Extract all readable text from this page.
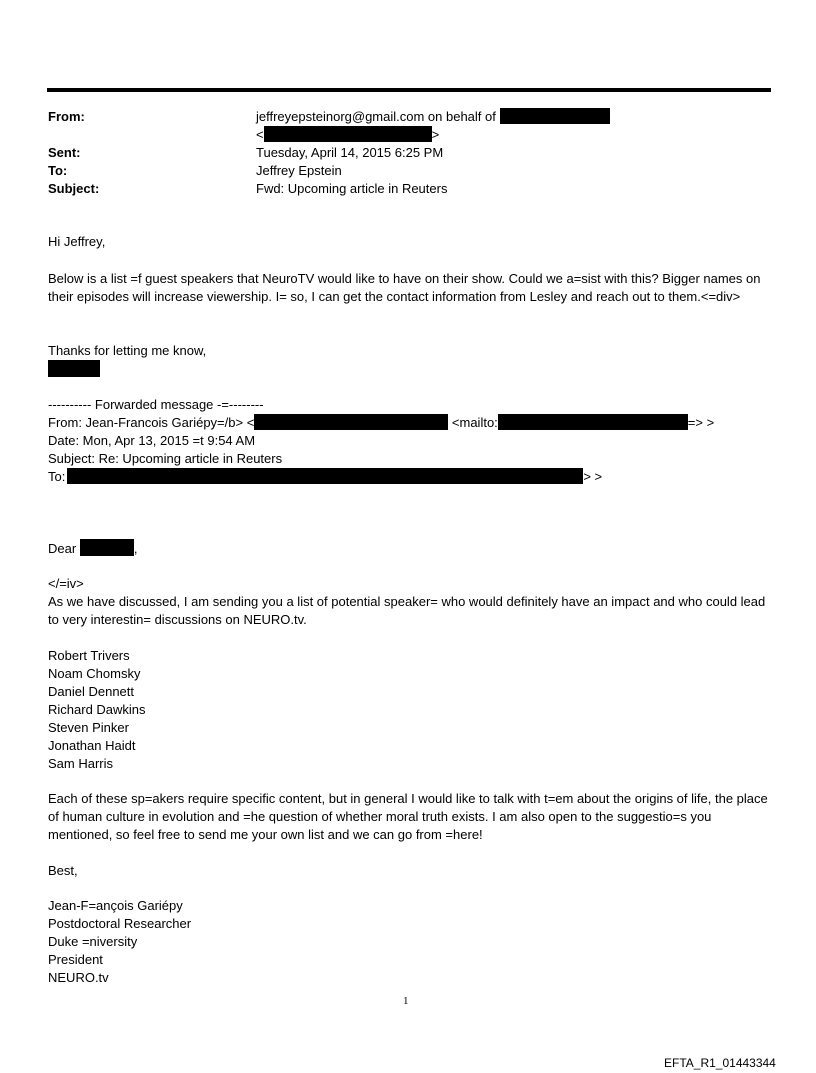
From:	jeffreyepsteinorg@gmail.com on behalf of
<	>
Sent:	Tuesday, April 14, 2015 6:25 PM
To:	Jeffrey Epstein
Subject:	Fwd: Upcoming article in Reuters
Hi Jeffrey,
Below is a list =f guest speakers that NeuroTV would like to have on their show. Could we a=sist with this? Bigger names on their episodes will increase viewership. I= so, I can get the contact information from Lesley and reach out to them.<=div>
Thanks for letting me know,
---------- Forwarded message -=--------
From: Jean-Francois Gariépy=/b> <	<mailto:	=> >
Date: Mon, Apr 13, 2015 =t 9:54 AM
Subject: Re: Upcoming article in Reuters
To:	> >
Dear	,
</=iv>
As we have discussed, I am sending you a list of potential speaker= who would definitely have an impact and who could lead to very interestin= discussions on NEURO.tv.
Robert Trivers
Noam Chomsky
Daniel Dennett
Richard Dawkins
Steven Pinker
Jonathan Haidt
Sam Harris
Each of these sp=akers require specific content, but in general I would like to talk with t=em about the origins of life, the place of human culture in evolution and =he question of whether moral truth exists. I am also open to the suggestio=s you mentioned, so feel free to send me your own list and we can go from =here!
Best,
Jean-F=ançois Gariépy
Postdoctoral Researcher
Duke =niversity
President
NEURO.tv
1
EFTA_R1_01443344
